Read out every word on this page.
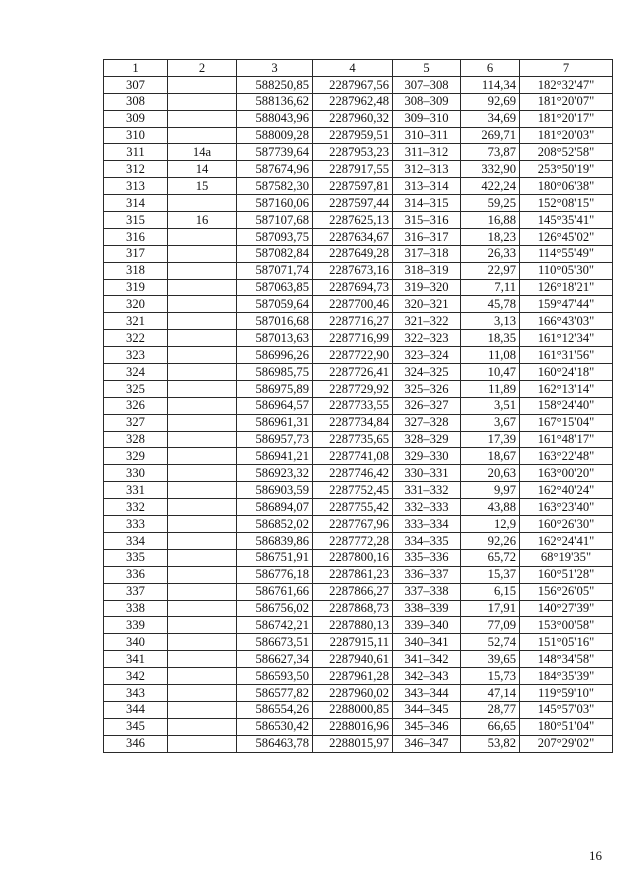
1	2	3	4	5	6	7
307		588250,85	2287967,56	307–308	114,34	182°32'47"
308		588136,62	2287962,48	308–309	92,69	181°20'07"
309		588043,96	2287960,32	309–310	34,69	181°20'17"
310		588009,28	2287959,51	310–311	269,71	181°20'03"
311	14a	587739,64	2287953,23	311–312	73,87	208°52'58"
312	14	587674,96	2287917,55	312–313	332,90	253°50'19"
313	15	587582,30	2287597,81	313–314	422,24	180°06'38"
314		587160,06	2287597,44	314–315	59,25	152°08'15"
315	16	587107,68	2287625,13	315–316	16,88	145°35'41"
316		587093,75	2287634,67	316–317	18,23	126°45'02"
317		587082,84	2287649,28	317–318	26,33	114°55'49"
318		587071,74	2287673,16	318–319	22,97	110°05'30"
319		587063,85	2287694,73	319–320	7,11	126°18'21"
320		587059,64	2287700,46	320–321	45,78	159°47'44"
321		587016,68	2287716,27	321–322	3,13	166°43'03"
322		587013,63	2287716,99	322–323	18,35	161°12'34"
323		586996,26	2287722,90	323–324	11,08	161°31'56"
324		586985,75	2287726,41	324–325	10,47	160°24'18"
325		586975,89	2287729,92	325–326	11,89	162°13'14"
326		586964,57	2287733,55	326–327	3,51	158°24'40"
327		586961,31	2287734,84	327–328	3,67	167°15'04"
328		586957,73	2287735,65	328–329	17,39	161°48'17"
329		586941,21	2287741,08	329–330	18,67	163°22'48"
330		586923,32	2287746,42	330–331	20,63	163°00'20"
331		586903,59	2287752,45	331–332	9,97	162°40'24"
332		586894,07	2287755,42	332–333	43,88	163°23'40"
333		586852,02	2287767,96	333–334	12,9	160°26'30"
334		586839,86	2287772,28	334–335	92,26	162°24'41"
335		586751,91	2287800,16	335–336	65,72	68°19'35"
336		586776,18	2287861,23	336–337	15,37	160°51'28"
337		586761,66	2287866,27	337–338	6,15	156°26'05"
338		586756,02	2287868,73	338–339	17,91	140°27'39"
339		586742,21	2287880,13	339–340	77,09	153°00'58"
340		586673,51	2287915,11	340–341	52,74	151°05'16"
341		586627,34	2287940,61	341–342	39,65	148°34'58"
342		586593,50	2287961,28	342–343	15,73	184°35'39"
343		586577,82	2287960,02	343–344	47,14	119°59'10"
344		586554,26	2288000,85	344–345	28,77	145°57'03"
345		586530,42	2288016,96	345–346	66,65	180°51'04"
346		586463,78	2288015,97	346–347	53,82	207°29'02"
16
